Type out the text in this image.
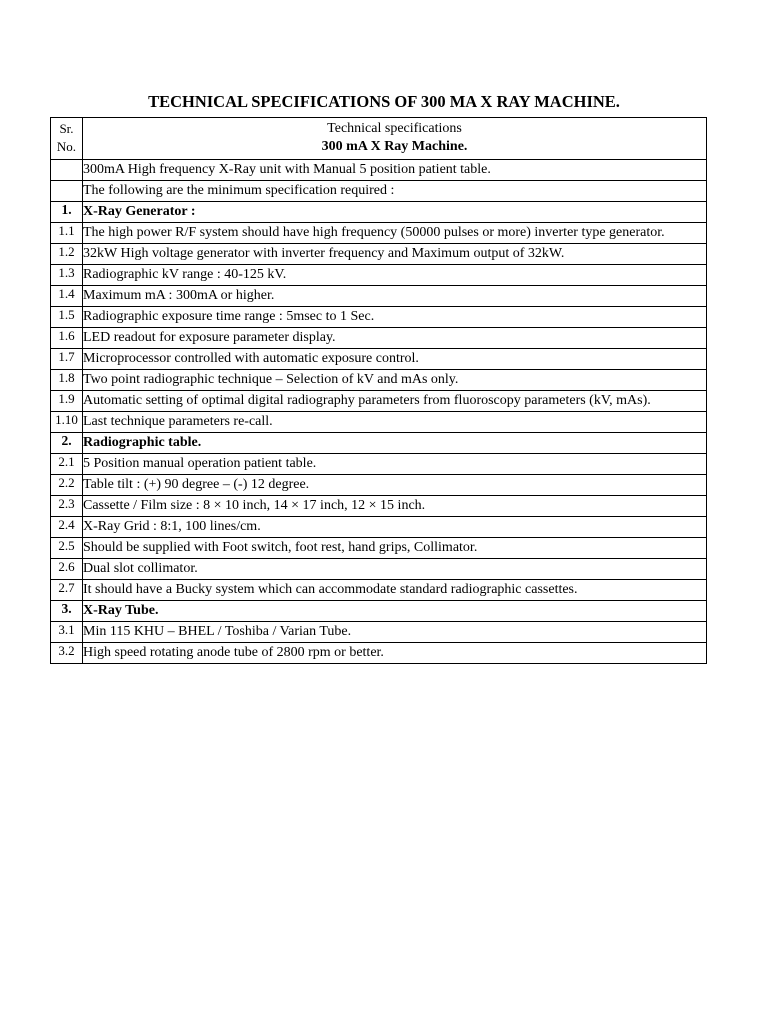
TECHNICAL SPECIFICATIONS OF 300 MA X RAY MACHINE.
Sr. No.	Technical specifications
300 mA X Ray Machine.

	300mA High frequency X-Ray unit with Manual 5 position patient table.
	The following are the minimum specification required :
1.	X-Ray Generator :
1.1	The high power R/F system should have high frequency (50000 pulses or more) inverter type generator.
1.2	32kW High voltage generator with inverter frequency and Maximum output of 32kW.
1.3	Radiographic kV range : 40-125 kV.
1.4	Maximum mA : 300mA or higher.
1.5	Radiographic exposure time range : 5msec to 1 Sec.
1.6	LED readout for exposure parameter display.
1.7	Microprocessor controlled with automatic exposure control.
1.8	Two point radiographic technique – Selection of kV and mAs only.
1.9	Automatic setting of optimal digital radiography parameters from fluoroscopy parameters (kV, mAs).
1.10	Last technique parameters re-call.
2.	Radiographic table.
2.1	5 Position manual operation patient table.
2.2	Table tilt : (+) 90 degree – (-) 12 degree.
2.3	Cassette / Film size : 8 × 10 inch, 14 × 17 inch, 12 × 15 inch.
2.4	X-Ray Grid : 8:1, 100 lines/cm.
2.5	Should be supplied with Foot switch, foot rest, hand grips, Collimator.
2.6	Dual slot collimator.
2.7	It should have a Bucky system which can accommodate standard radiographic cassettes.
3.	X-Ray Tube.
3.1	Min 115 KHU – BHEL / Toshiba / Varian Tube.
3.2	High speed rotating anode tube of 2800 rpm or better.
